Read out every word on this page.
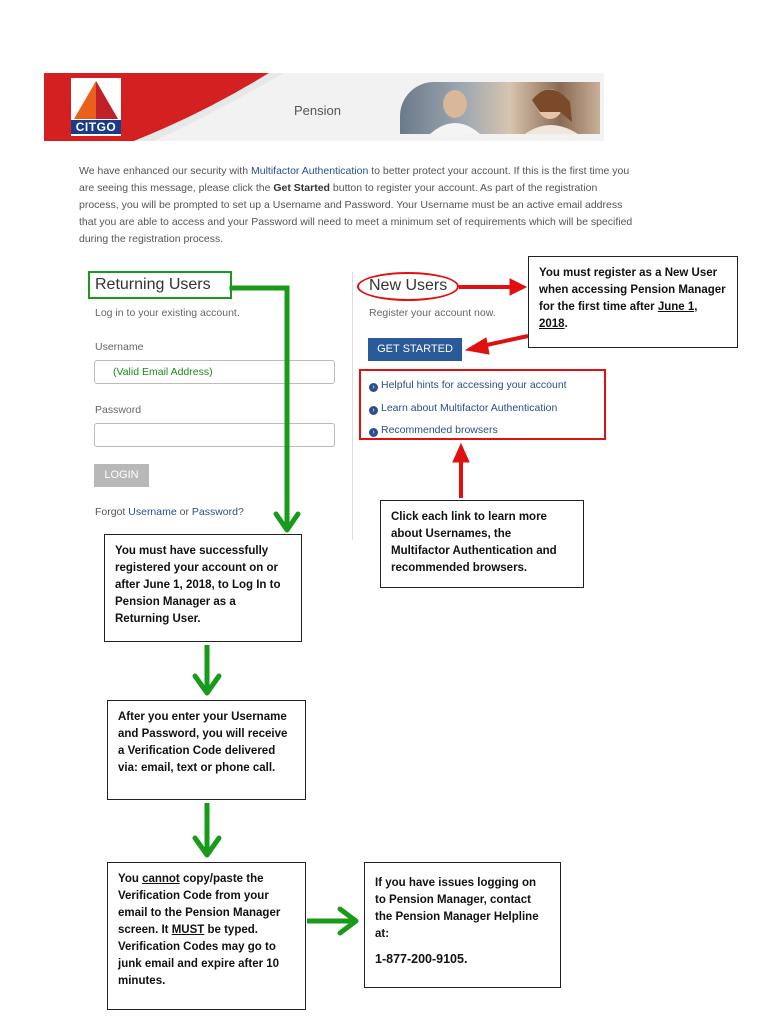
CITGO
Pension
We have enhanced our security with Multifactor Authentication to better protect your account. If this is the first time you are seeing this message, please click the Get Started button to register your account. As part of the registration process, you will be prompted to set up a Username and Password. Your Username must be an active email address that you are able to access and your Password will need to meet a minimum set of requirements which will be specified during the registration process.
Returning Users
Log in to your existing account.
Username
(Valid Email Address)
Password
LOGIN
Forgot Username or Password?
New Users
Register your account now.
GET STARTED
› Helpful hints for accessing your account
› Learn about Multifactor Authentication
› Recommended browsers
You must register as a New User when accessing Pension Manager for the first time after June 1, 2018.
Click each link to learn more about Usernames, the Multifactor Authentication and recommended browsers.
You must have successfully registered your account on or after June 1, 2018, to Log In to Pension Manager as a Returning User.
After you enter your Username and Password, you will receive a Verification Code delivered via: email, text or phone call.
You cannot copy/paste the Verification Code from your email to the Pension Manager screen. It MUST be typed. Verification Codes may go to junk email and expire after 10 minutes.
If you have issues logging on to Pension Manager, contact the Pension Manager Helpline at:
1-877-200-9105.
